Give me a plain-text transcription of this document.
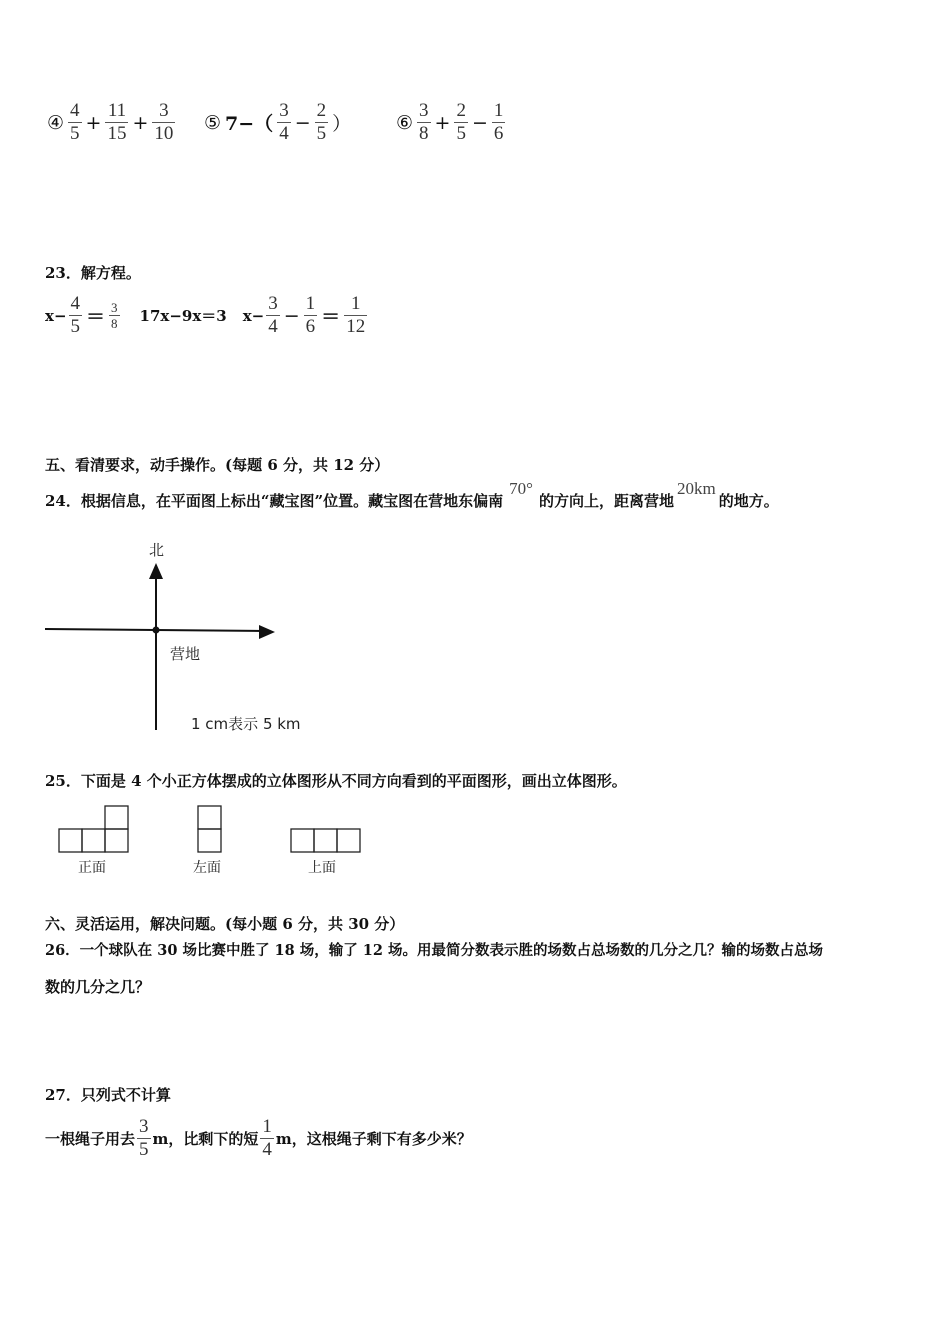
④ $\frac{4}{5} + \frac{11}{15} + \frac{3}{10}$ ⑤ $7-( \frac{3}{4} - \frac{2}{5}$ ） ⑥ $\frac{3}{8} + \frac{2}{5} - \frac{1}{6}$
23．解方程。
$x- \frac{4}{5} = \frac{3}{8} 17x-9x=3$ $x- \frac{3}{4} - \frac{1}{6} = \frac{1}{12}$
五、看清要求，动手操作。(每题 6 分，共 12 分）
24．根据信息，在平面图上标出“藏宝图”位置。藏宝图在营地东偏南70°的方向上，距离营地20km的地方。
北
营地
1 cm表示 5 km
25．下面是 4 个小正方体摆成的立体图形从不同方向看到的平面图形，画出立体图形。
正面	左面	上面
六、灵活运用，解决问题。(每小题 6 分，共 30 分）
26．一个球队在 30 场比赛中胜了 18 场，输了 12 场。用最简分数表示胜的场数占总场数的几分之几？输的场数占总场
数的几分之几？
27．只列式不计算
一根绳子用去 $\frac{3}{5}$ m，比剩下的短 $\frac{1}{4}$ m，这根绳子剩下有多少米？
